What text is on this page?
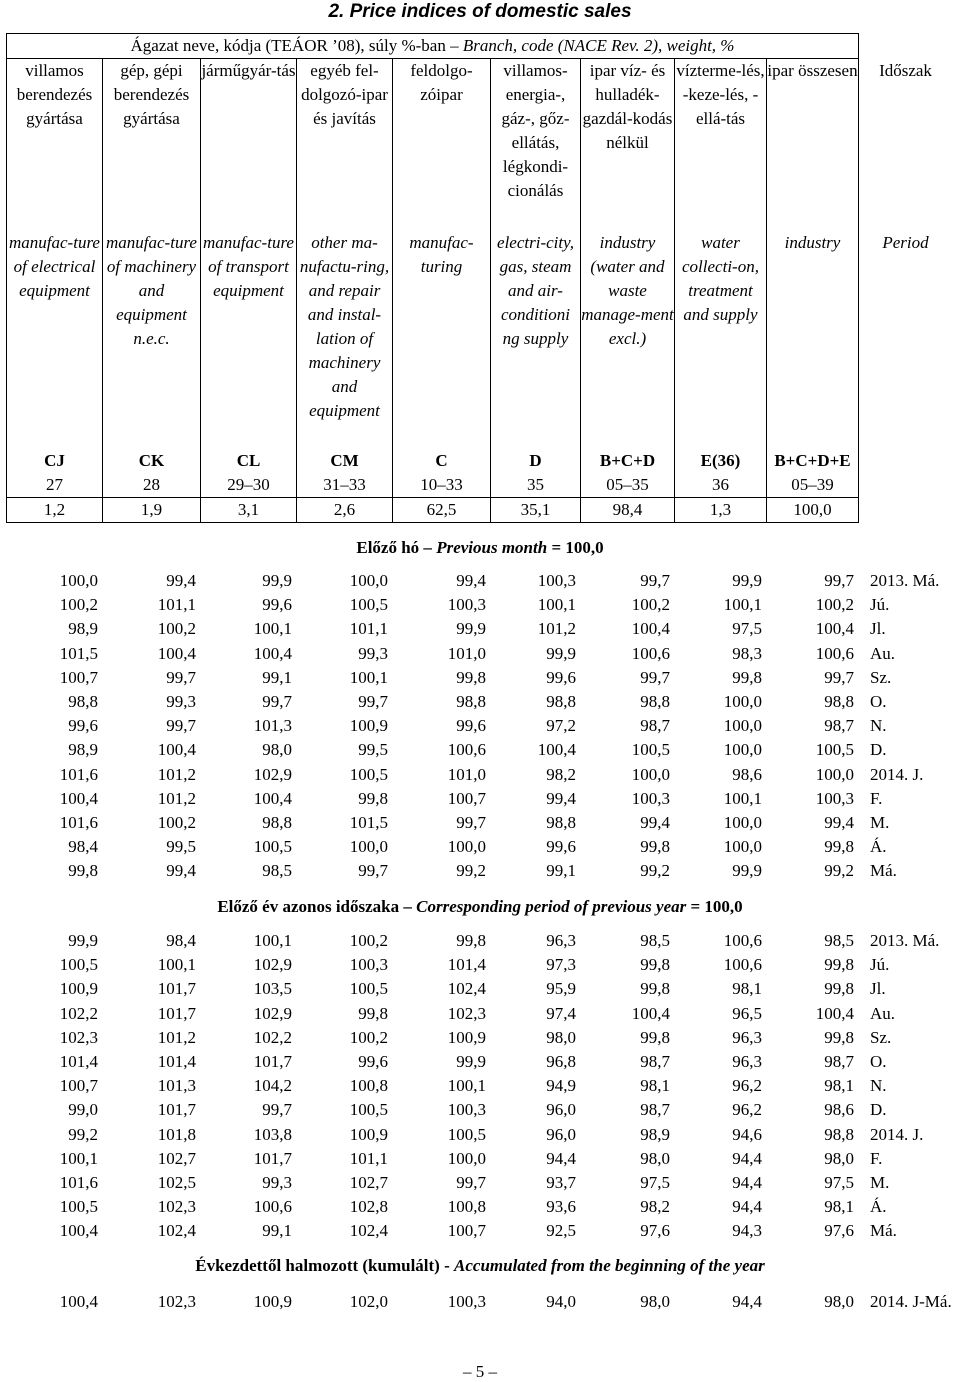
2. Price indices of domestic sales
Ágazat neve, kódja (TEÁOR ’08), súly %-ban – Branch, code (NACE Rev. 2), weight, %									
villamos berendezés gyártása	gép, gépi berendezés gyártása	járműgyár-tás	egyéb fel-dolgozó-ipar és javítás	feldolgo-zóipar	villamos-energia-, gáz-, gőz-ellátás, légkondi-cionálás	ipar víz- és hulladék-gazdál-kodás nélkül	vízterme-lés, -keze-lés, -ellá-tás	ipar összesen	Időszak
manufac-ture of electrical equipment	manufac-ture of machinery and equipment n.e.c.	manufac-ture of transport equipment	other ma-nufactu-ring, and repair and instal-lation of machinery and equipment	manufac-turing	electri-city, gas, steam and air-conditioni ng supply	industry (water and waste manage-ment excl.)	water collecti-on, treatment and supply	industry	Period
CJ	CK	CL	CM	C	D	B+C+D	E(36)	B+C+D+E	
27	28	29–30	31–33	10–33	35	05–35	36	05–39	
1,2	1,9	3,1	2,6	62,5	35,1	98,4	1,3	100,0	
Előző hó – Previous month = 100,0
100,0	99,4	99,9	100,0	99,4	100,3	99,7	99,9	99,7	2013. Má.
100,2	101,1	99,6	100,5	100,3	100,1	100,2	100,1	100,2	Jú.
98,9	100,2	100,1	101,1	99,9	101,2	100,4	97,5	100,4	Jl.
101,5	100,4	100,4	99,3	101,0	99,9	100,6	98,3	100,6	Au.
100,7	99,7	99,1	100,1	99,8	99,6	99,7	99,8	99,7	Sz.
98,8	99,3	99,7	99,7	98,8	98,8	98,8	100,0	98,8	O.
99,6	99,7	101,3	100,9	99,6	97,2	98,7	100,0	98,7	N.
98,9	100,4	98,0	99,5	100,6	100,4	100,5	100,0	100,5	D.
101,6	101,2	102,9	100,5	101,0	98,2	100,0	98,6	100,0	2014. J.
100,4	101,2	100,4	99,8	100,7	99,4	100,3	100,1	100,3	F.
101,6	100,2	98,8	101,5	99,7	98,8	99,4	100,0	99,4	M.
98,4	99,5	100,5	100,0	100,0	99,6	99,8	100,0	99,8	Á.
99,8	99,4	98,5	99,7	99,2	99,1	99,2	99,9	99,2	Má.
Előző év azonos időszaka – Corresponding period of previous year = 100,0
99,9	98,4	100,1	100,2	99,8	96,3	98,5	100,6	98,5	2013. Má.
100,5	100,1	102,9	100,3	101,4	97,3	99,8	100,6	99,8	Jú.
100,9	101,7	103,5	100,5	102,4	95,9	99,8	98,1	99,8	Jl.
102,2	101,7	102,9	99,8	102,3	97,4	100,4	96,5	100,4	Au.
102,3	101,2	102,2	100,2	100,9	98,0	99,8	96,3	99,8	Sz.
101,4	101,4	101,7	99,6	99,9	96,8	98,7	96,3	98,7	O.
100,7	101,3	104,2	100,8	100,1	94,9	98,1	96,2	98,1	N.
99,0	101,7	99,7	100,5	100,3	96,0	98,7	96,2	98,6	D.
99,2	101,8	103,8	100,9	100,5	96,0	98,9	94,6	98,8	2014. J.
100,1	102,7	101,7	101,1	100,0	94,4	98,0	94,4	98,0	F.
101,6	102,5	99,3	102,7	99,7	93,7	97,5	94,4	97,5	M.
100,5	102,3	100,6	102,8	100,8	93,6	98,2	94,4	98,1	Á.
100,4	102,4	99,1	102,4	100,7	92,5	97,6	94,3	97,6	Má.
Évkezdettől halmozott (kumulált) - Accumulated from the beginning of the year
100,4	102,3	100,9	102,0	100,3	94,0	98,0	94,4	98,0	2014. J-Má.
– 5 –
